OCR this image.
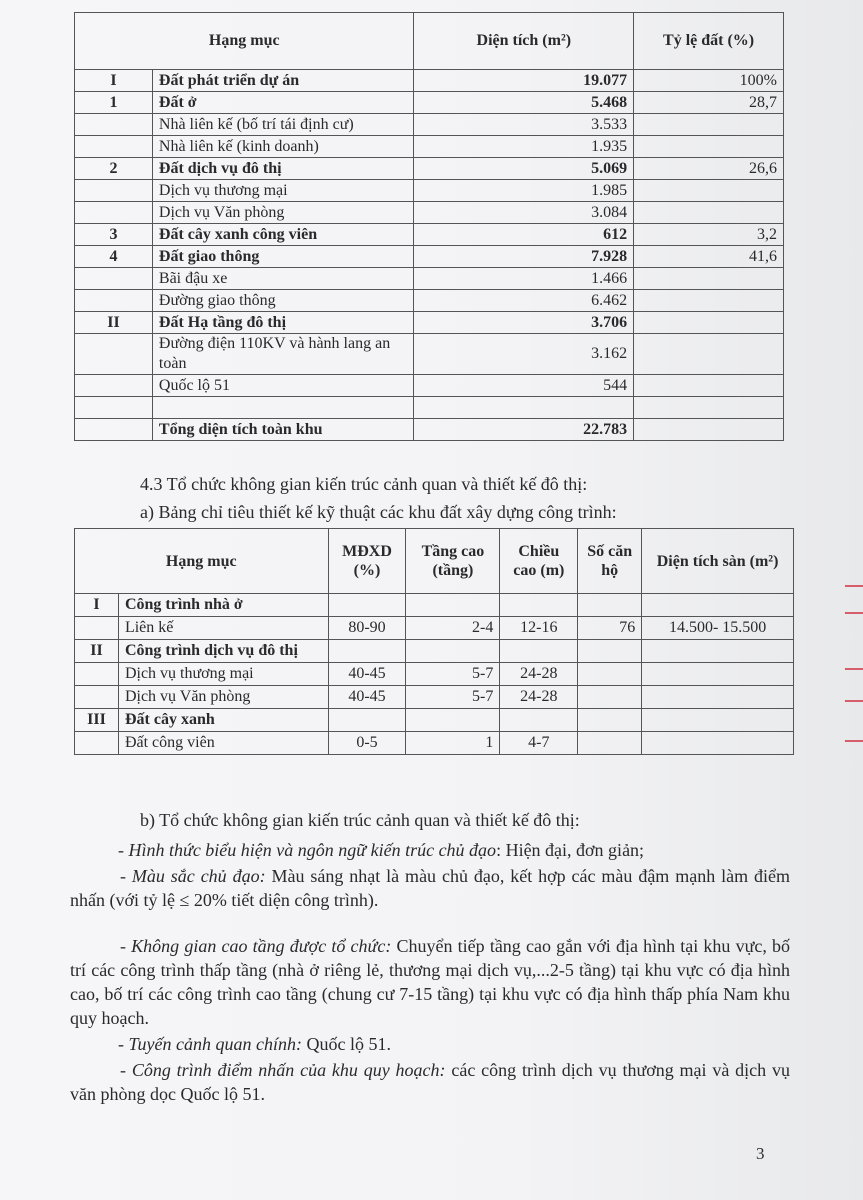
Hạng mục		Diện tích (m²)	Tỷ lệ đất (%)
I	Đất phát triển dự án	19.077	100%
1	Đất ở	5.468	28,7
	Nhà liên kế (bố trí tái định cư)	3.533	
	Nhà liên kế (kinh doanh)	1.935	
2	Đất dịch vụ đô thị	5.069	26,6
	Dịch vụ thương mại	1.985	
	Dịch vụ Văn phòng	3.084	
3	Đất cây xanh công viên	612	3,2
4	Đất giao thông	7.928	41,6
	Bãi đậu xe	1.466	
	Đường giao thông	6.462	
II	Đất Hạ tầng đô thị	3.706	
	Đường điện 110KV và hành lang an toàn	3.162	
	Quốc lộ 51	544	

	Tổng diện tích toàn khu	22.783	
4.3 Tổ chức không gian kiến trúc cảnh quan và thiết kế đô thị:
a) Bảng chỉ tiêu thiết kế kỹ thuật các khu đất xây dựng công trình:
Hạng mục		MĐXD (%)	Tầng cao (tầng)	Chiều cao (m)	Số căn hộ	Diện tích sàn (m²)
I	Công trình nhà ở					
	Liên kế	80-90	2-4	12-16	76	14.500- 15.500
II	Công trình dịch vụ đô thị					
	Dịch vụ thương mại	40-45	5-7	24-28		
	Dịch vụ Văn phòng	40-45	5-7	24-28		
III	Đất cây xanh					
	Đất công viên	0-5	1	4-7		
b) Tổ chức không gian kiến trúc cảnh quan và thiết kế đô thị:
- Hình thức biểu hiện và ngôn ngữ kiến trúc chủ đạo: Hiện đại, đơn giản;
- Màu sắc chủ đạo: Màu sáng nhạt là màu chủ đạo, kết hợp các màu đậm mạnh làm điểm nhấn (với tỷ lệ ≤ 20% tiết diện công trình).
- Không gian cao tầng được tổ chức: Chuyển tiếp tầng cao gắn với địa hình tại khu vực, bố trí các công trình thấp tầng (nhà ở riêng lẻ, thương mại dịch vụ,...2-5 tầng) tại khu vực có địa hình cao, bố trí các công trình cao tầng (chung cư 7-15 tầng) tại khu vực có địa hình thấp phía Nam khu quy hoạch.
- Tuyến cảnh quan chính: Quốc lộ 51.
- Công trình điểm nhấn của khu quy hoạch: các công trình dịch vụ thương mại và dịch vụ văn phòng dọc Quốc lộ 51.
3
